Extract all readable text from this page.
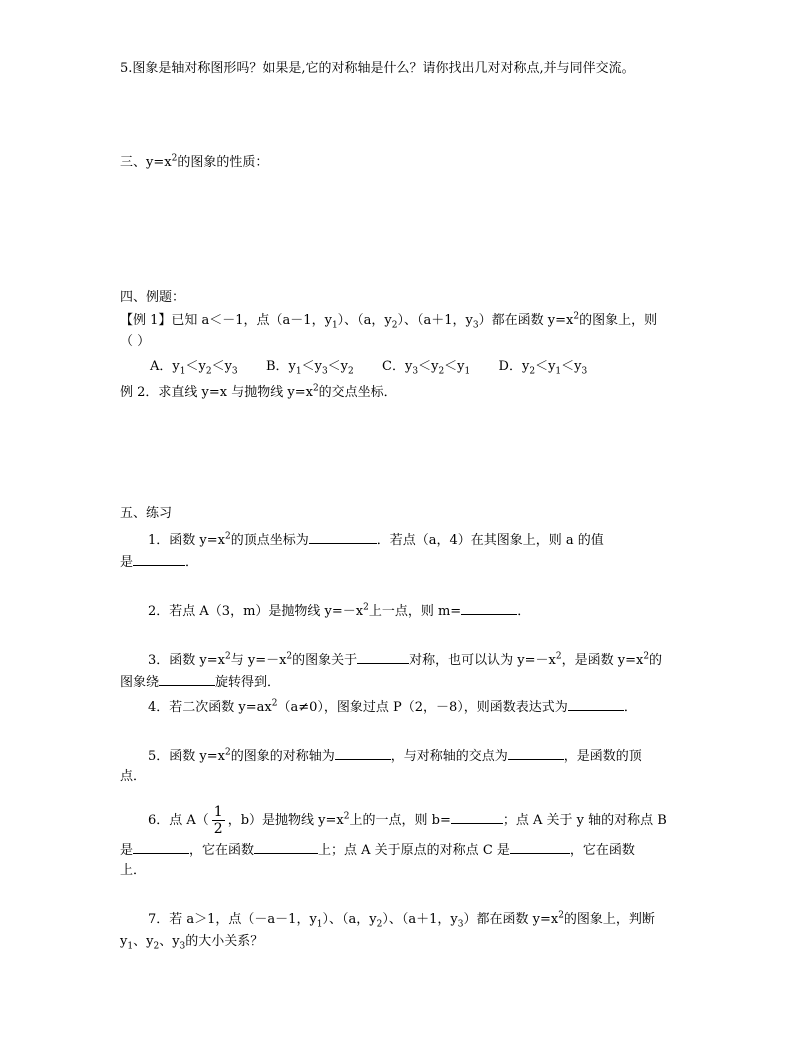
5.图象是轴对称图形吗？如果是,它的对称轴是什么？请你找出几对对称点,并与同伴交流。
三、$y=x^2$的图象的性质：
四、例题：
【例 1】已知 a＜－1，点（a－1，$y_1$）、（a，$y_2$）、（a＋1，$y_3$）都在函数 $y=x^2$的图象上，则
（ ）
A．$y_1<y_2<y_3$ B．$y_1<y_3<y_2$ C．$y_3<y_2<y_1$ D．$y_2<y_1<y_3$
例 2．求直线 y=x 与抛物线 $y=x^2$的交点坐标．
五、练习
1．函数 $y=x^2$的顶点坐标为	．若点（a，4）在其图象上，则 a 的值
是	．
2．若点 A（3，m）是抛物线 $y=-x^2$上一点，则 m=	．
3．函数 $y=x^2$与 $y=-x^2$的图象关于	对称，也可以认为 $y=-x^2$，是函数 $y=x^2$的
图象绕	旋转得到．
4．若二次函数 $y=ax^2(a\ne 0)$，图象过点 P（2，－8），则函数表达式为	．
5．函数 $y=x^2$的图象的对称轴为	，与对称轴的交点为	，是函数的顶
点．
6．点 $A( \frac{1}{2}$ ，b）是抛物线 $y=x^2$上的一点，则 b=	；点 A 关于 y 轴的对称点 B
是	，它在函数	上；点 A 关于原点的对称点 C 是	，它在函数
上．
7．若 a＞1，点（－a－1，$y_1$）、（a，$y_2$）、（a＋1，$y_3$）都在函数 $y=x^2$的图象上，判断
$y_1$、$y_2$、$y_3$的大小关系？
